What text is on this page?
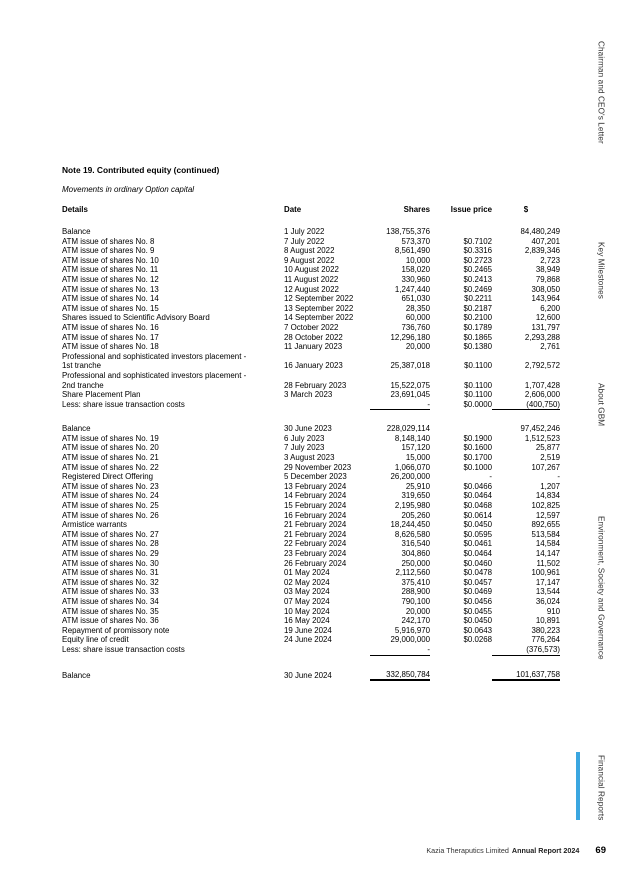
Note 19. Contributed equity (continued)

Movements in ordinary Option capital

Details	Date	Shares	Issue price	$

Balance	1 July 2022	138,755,376		84,480,249
ATM issue of shares No. 8	7 July 2022	573,370	$0.7102	407,201
ATM issue of shares No. 9	8 August 2022	8,561,490	$0.3316	2,839,346
ATM issue of shares No. 10	9 August 2022	10,000	$0.2723	2,723
ATM issue of shares No. 11	10 August 2022	158,020	$0.2465	38,949
ATM issue of shares No. 12	11 August 2022	330,960	$0.2413	79,868
ATM issue of shares No. 13	12 August 2022	1,247,440	$0.2469	308,050
ATM issue of shares No. 14	12 September 2022	651,030	$0.2211	143,964
ATM issue of shares No. 15	13 September 2022	28,350	$0.2187	6,200
Shares issued to Scientific Advisory Board	14 September 2022	60,000	$0.2100	12,600
ATM issue of shares No. 16	7 October 2022	736,760	$0.1789	131,797
ATM issue of shares No. 17	28 October 2022	12,296,180	$0.1865	2,293,288
ATM issue of shares No. 18	11 January 2023	20,000	$0.1380	2,761
Professional and sophisticated investors placement -				
1st tranche	16 January 2023	25,387,018	$0.1100	2,792,572
Professional and sophisticated investors placement -				
2nd tranche	28 February 2023	15,522,075	$0.1100	1,707,428
Share Placement Plan	3 March 2023	23,691,045	$0.1100	2,606,000
Less: share issue transaction costs		-	$0.0000	(400,750)

Balance	30 June 2023	228,029,114		97,452,246
ATM issue of shares No. 19	6 July 2023	8,148,140	$0.1900	1,512,523
ATM issue of shares No. 20	7 July 2023	157,120	$0.1600	25,877
ATM issue of shares No. 21	3 August 2023	15,000	$0.1700	2,519
ATM issue of shares No. 22	29 November 2023	1,066,070	$0.1000	107,267
Registered Direct Offering	5 December 2023	26,200,000	-	-
ATM issue of shares No. 23	13 February 2024	25,910	$0.0466	1,207
ATM issue of shares No. 24	14 February 2024	319,650	$0.0464	14,834
ATM issue of shares No. 25	15 February 2024	2,195,980	$0.0468	102,825
ATM issue of shares No. 26	16 February 2024	205,260	$0.0614	12,597
Armistice warrants	21 February 2024	18,244,450	$0.0450	892,655
ATM issue of shares No. 27	21 February 2024	8,626,580	$0.0595	513,584
ATM issue of shares No. 28	22 February 2024	316,540	$0.0461	14,584
ATM issue of shares No. 29	23 February 2024	304,860	$0.0464	14,147
ATM issue of shares No. 30	26 February 2024	250,000	$0.0460	11,502
ATM issue of shares No. 31	01 May 2024	2,112,560	$0.0478	100,961
ATM issue of shares No. 32	02 May 2024	375,410	$0.0457	17,147
ATM issue of shares No. 33	03 May 2024	288,900	$0.0469	13,544
ATM issue of shares No. 34	07 May 2024	790,100	$0.0456	36,024
ATM issue of shares No. 35	10 May 2024	20,000	$0.0455	910
ATM issue of shares No. 36	16 May 2024	242,170	$0.0450	10,891
Repayment of promissory note	19 June 2024	5,916,970	$0.0643	380,223
Equity line of credit	24 June 2024	29,000,000	$0.0268	776,264
Less: share issue transaction costs		-		(376,573)

Balance	30 June 2024	332,850,784		101,637,758
Chairman and CEO's Letter
Key Milestones
About GBM
Environment, Society and Governance
Financial Reports
Kazia Theraputics Limited Annual Report 2024 69
